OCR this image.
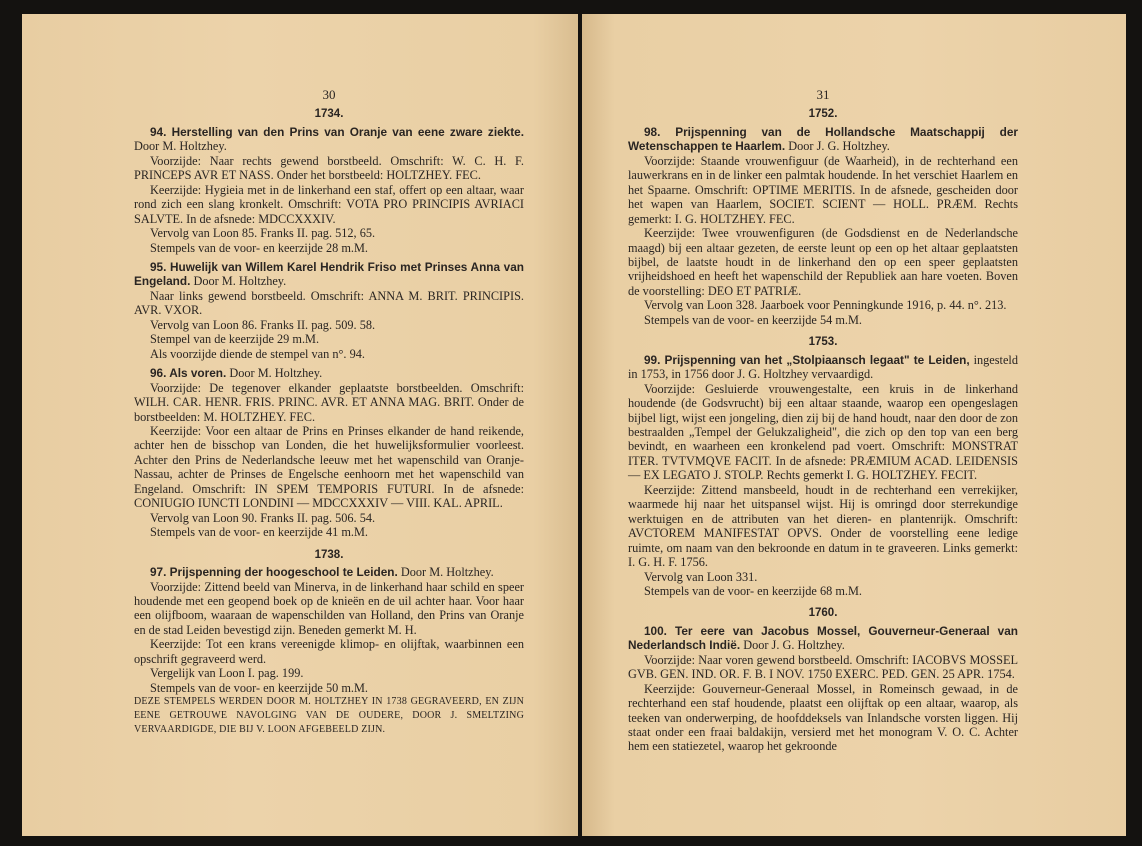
30
1734.

94. Herstelling van den Prins van Oranje van eene zware ziekte. Door M. Holtzhey.

Voorzijde: Naar rechts gewend borstbeeld. Omschrift: W. C. H. F. PRINCEPS AVR ET NASS. Onder het borstbeeld: HOLTZHEY. FEC.

Keerzijde: Hygieia met in de linkerhand een staf, offert op een altaar, waar rond zich een slang kronkelt. Omschrift: VOTA PRO PRINCIPIS AVRIACI SALVTE. In de afsnede: MDCCXXXIV.

Vervolg van Loon 85. Franks II. pag. 512, 65.

Stempels van de voor- en keerzijde 28 m.M.

95. Huwelijk van Willem Karel Hendrik Friso met Prinses Anna van Engeland. Door M. Holtzhey.

Naar links gewend borstbeeld. Omschrift: ANNA M. BRIT. PRINCIPIS. AVR. VXOR.

Vervolg van Loon 86. Franks II. pag. 509. 58.

Stempel van de keerzijde 29 m.M.

Als voorzijde diende de stempel van n°. 94.

96. Als voren. Door M. Holtzhey.

Voorzijde: De tegenover elkander geplaatste borstbeelden. Omschrift: WILH. CAR. HENR. FRIS. PRINC. AVR. ET ANNA MAG. BRIT. Onder de borstbeelden: M. HOLTZHEY. FEC.

Keerzijde: Voor een altaar de Prins en Prinses elkander de hand reikende, achter hen de bisschop van Londen, die het huwelijksformulier voorleest. Achter den Prins de Nederlandsche leeuw met het wapenschild van Oranje-Nassau, achter de Prinses de Engelsche eenhoorn met het wapenschild van Engeland. Omschrift: IN SPEM TEMPORIS FUTURI. In de afsnede: CONIUGIO IUNCTI LONDINI — MDCCXXXIV — VIII. KAL. APRIL.

Vervolg van Loon 90. Franks II. pag. 506. 54.

Stempels van de voor- en keerzijde 41 m.M.

1738.

97. Prijspenning der hoogeschool te Leiden. Door M. Holtzhey.

Voorzijde: Zittend beeld van Minerva, in de linkerhand haar schild en speer houdende met een geopend boek op de knieën en de uil achter haar. Voor haar een olijfboom, waaraan de wapenschilden van Holland, den Prins van Oranje en de stad Leiden bevestigd zijn. Beneden gemerkt M. H.

Keerzijde: Tot een krans vereenigde klimop- en olijftak, waarbinnen een opschrift gegraveerd werd.

Vergelijk van Loon I. pag. 199.

Stempels van de voor- en keerzijde 50 m.M.

DEZE STEMPELS WERDEN DOOR M. HOLTZHEY IN 1738 GEGRAVEERD, EN ZIJN EENE GETROUWE NAVOLGING VAN DE OUDERE, DOOR J. SMELTZING VERVAARDIGDE, DIE BIJ V. LOON AFGEBEELD ZIJN.

31
1752.

98. Prijspenning van de Hollandsche Maatschappij der Wetenschappen te Haarlem. Door J. G. Holtzhey.

Voorzijde: Staande vrouwenfiguur (de Waarheid), in de rechterhand een lauwerkrans en in de linker een palmtak houdende. In het verschiet Haarlem en het Spaarne. Omschrift: OPTIME MERITIS. In de afsnede, gescheiden door het wapen van Haarlem, SOCIET. SCIENT — HOLL. PRÆM. Rechts gemerkt: I. G. HOLTZHEY. FEC.

Keerzijde: Twee vrouwenfiguren (de Godsdienst en de Nederlandsche maagd) bij een altaar gezeten, de eerste leunt op een op het altaar geplaatsten bijbel, de laatste houdt in de linkerhand den op een speer geplaatsten vrijheidshoed en heeft het wapenschild der Republiek aan hare voeten. Boven de voorstelling: DEO ET PATRIÆ.

Vervolg van Loon 328. Jaarboek voor Penningkunde 1916, p. 44. n°. 213.

Stempels van de voor- en keerzijde 54 m.M.

1753.

99. Prijspenning van het „Stolpiaansch legaat" te Leiden, ingesteld in 1753, in 1756 door J. G. Holtzhey vervaardigd.

Voorzijde: Gesluierde vrouwengestalte, een kruis in de linkerhand houdende (de Godsvrucht) bij een altaar staande, waarop een opengeslagen bijbel ligt, wijst een jongeling, dien zij bij de hand houdt, naar den door de zon bestraalden „Tempel der Gelukzaligheid", die zich op den top van een berg bevindt, en waarheen een kronkelend pad voert. Omschrift: MONSTRAT ITER. TVTVMQVE FACIT. In de afsnede: PRÆMIUM ACAD. LEIDENSIS — EX LEGATO J. STOLP. Rechts gemerkt I. G. HOLTZHEY. FECIT.

Keerzijde: Zittend mansbeeld, houdt in de rechterhand een verrekijker, waarmede hij naar het uitspansel wijst. Hij is omringd door sterrekundige werktuigen en de attributen van het dieren- en plantenrijk. Omschrift: AVCTOREM MANIFESTAT OPVS. Onder de voorstelling eene ledige ruimte, om naam van den bekroonde en datum in te graveeren. Links gemerkt: I. G. H. F. 1756.

Vervolg van Loon 331.

Stempels van de voor- en keerzijde 68 m.M.

1760.

100. Ter eere van Jacobus Mossel, Gouverneur-Generaal van Nederlandsch Indië. Door J. G. Holtzhey.

Voorzijde: Naar voren gewend borstbeeld. Omschrift: IACOBVS MOSSEL GVB. GEN. IND. OR. F. B. I NOV. 1750 EXERC. PED. GEN. 25 APR. 1754.

Keerzijde: Gouverneur-Generaal Mossel, in Romeinsch gewaad, in de rechterhand een staf houdende, plaatst een olijftak op een altaar, waarop, als teeken van onderwerping, de hoofddeksels van Inlandsche vorsten liggen. Hij staat onder een fraai baldakijn, versierd met het monogram V. O. C. Achter hem een statiezetel, waarop het gekroonde
